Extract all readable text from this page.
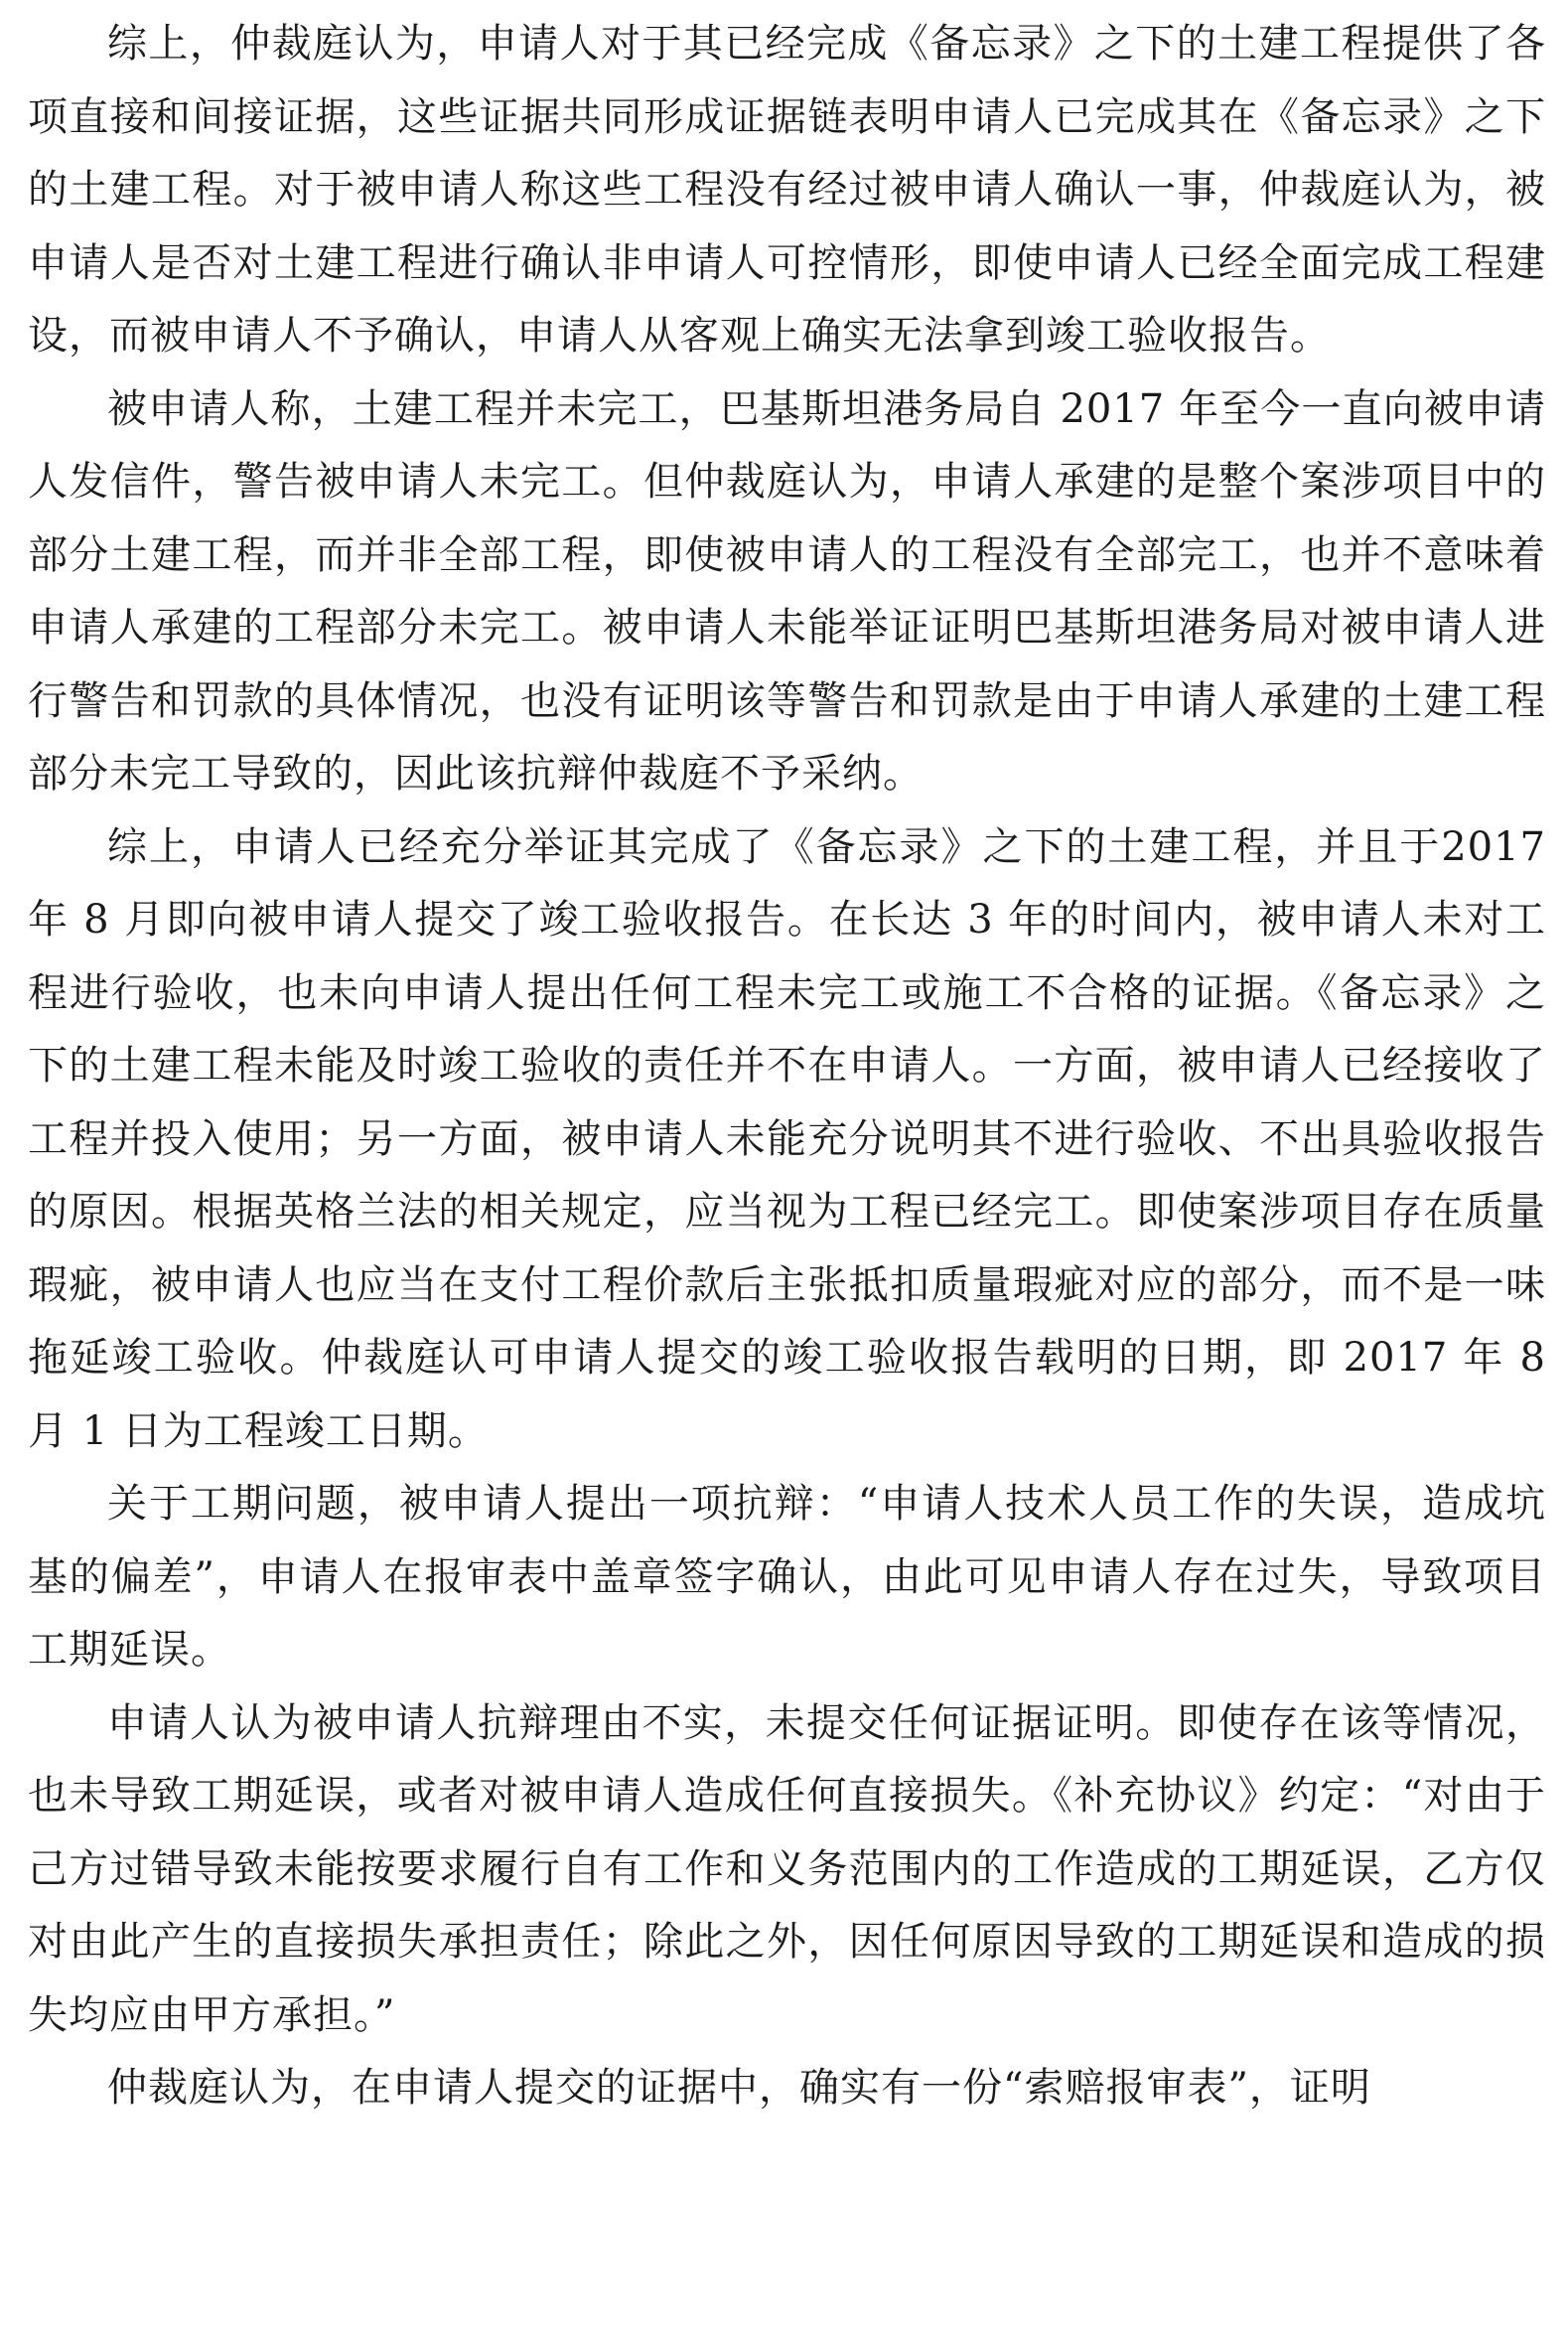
综上，仲裁庭认为，申请人对于其已经完成《备忘录》之下的土建工程提供了各项直接和间接证据，这些证据共同形成证据链表明申请人已完成其在《备忘录》之下的土建工程。对于被申请人称这些工程没有经过被申请人确认一事，仲裁庭认为，被申请人是否对土建工程进行确认非申请人可控情形，即使申请人已经全面完成工程建设，而被申请人不予确认，申请人从客观上确实无法拿到竣工验收报告。

被申请人称，土建工程并未完工，巴基斯坦港务局自 2017 年至今一直向被申请人发信件，警告被申请人未完工。但仲裁庭认为，申请人承建的是整个案涉项目中的部分土建工程，而并非全部工程，即使被申请人的工程没有全部完工，也并不意味着申请人承建的工程部分未完工。被申请人未能举证证明巴基斯坦港务局对被申请人进行警告和罚款的具体情况，也没有证明该等警告和罚款是由于申请人承建的土建工程部分未完工导致的，因此该抗辩仲裁庭不予采纳。

综上，申请人已经充分举证其完成了《备忘录》之下的土建工程，并且于2017 年 8 月即向被申请人提交了竣工验收报告。在长达 3 年的时间内，被申请人未对工程进行验收，也未向申请人提出任何工程未完工或施工不合格的证据。《备忘录》之下的土建工程未能及时竣工验收的责任并不在申请人。一方面，被申请人已经接收了工程并投入使用；另一方面，被申请人未能充分说明其不进行验收、不出具验收报告的原因。根据英格兰法的相关规定，应当视为工程已经完工。即使案涉项目存在质量瑕疵，被申请人也应当在支付工程价款后主张抵扣质量瑕疵对应的部分，而不是一味拖延竣工验收。仲裁庭认可申请人提交的竣工验收报告载明的日期，即 2017 年 8 月 1 日为工程竣工日期。

关于工期问题，被申请人提出一项抗辩：“申请人技术人员工作的失误，造成坑基的偏差”，申请人在报审表中盖章签字确认，由此可见申请人存在过失，导致项目工期延误。

申请人认为被申请人抗辩理由不实，未提交任何证据证明。即使存在该等情况，也未导致工期延误，或者对被申请人造成任何直接损失。《补充协议》约定：“对由于己方过错导致未能按要求履行自有工作和义务范围内的工作造成的工期延误，乙方仅对由此产生的直接损失承担责任；除此之外，因任何原因导致的工期延误和造成的损失均应由甲方承担。”

仲裁庭认为，在申请人提交的证据中，确实有一份“索赔报审表”，证明
